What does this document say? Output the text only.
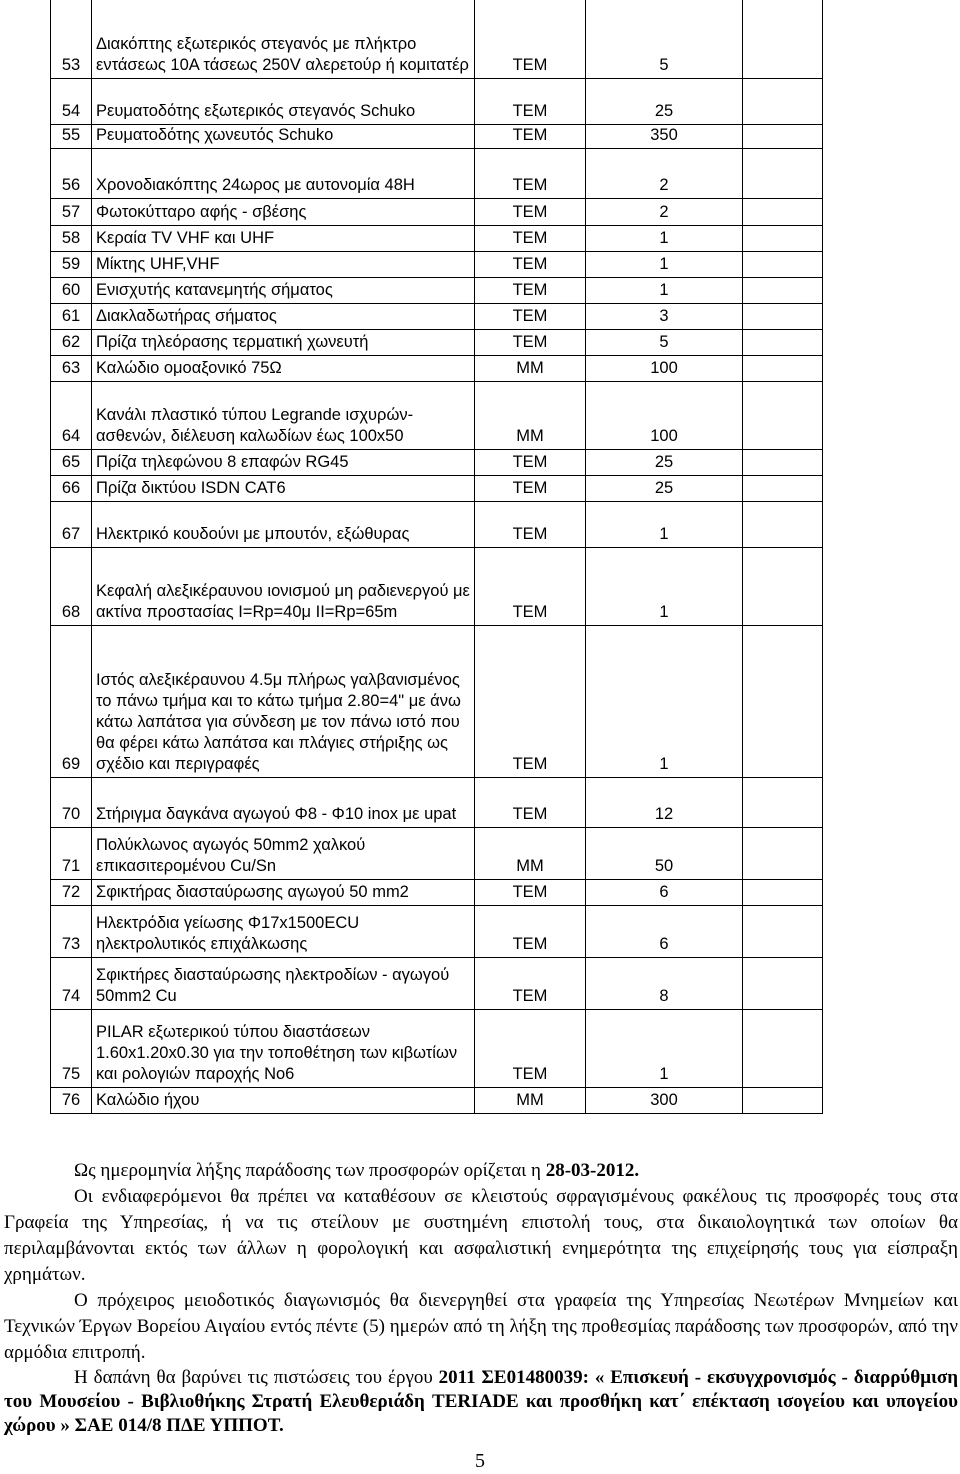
53	Διακόπτης εξωτερικός στεγανός με πλήκτρο εντάσεως 10Α τάσεως 250V αλερετούρ ή κομιτατέρ	ΤΕΜ	5	
54	Ρευματοδότης εξωτερικός στεγανός Schuko	ΤΕΜ	25	
55	Ρευματοδότης χωνευτός Schuko	ΤΕΜ	350	
56	Χρονοδιακόπτης 24ωρος με αυτονομία 48Η	ΤΕΜ	2	
57	Φωτοκύτταρο αφής - σβέσης	ΤΕΜ	2	
58	Κεραία TV VHF και UHF	ΤΕΜ	1	
59	Μίκτης UHF,VHF	ΤΕΜ	1	
60	Ενισχυτής κατανεμητής σήματος	ΤΕΜ	1	
61	Διακλαδωτήρας σήματος	ΤΕΜ	3	
62	Πρίζα τηλεόρασης τερματική χωνευτή	ΤΕΜ	5	
63	Καλώδιο ομοαξονικό 75Ω	ΜΜ	100	
64	Κανάλι πλαστικό τύπου Legrande ισχυρών-ασθενών, διέλευση καλωδίων έως 100x50	ΜΜ	100	
65	Πρίζα τηλεφώνου 8 επαφών RG45	ΤΕΜ	25	
66	Πρίζα δικτύου ISDN CAT6	ΤΕΜ	25	
67	Ηλεκτρικό κουδούνι με μπουτόν, εξώθυρας	ΤΕΜ	1	
68	Κεφαλή αλεξικέραυνου ιονισμού μη ραδιενεργού με ακτίνα προστασίας I=Rp=40μ II=Rp=65m	ΤΕΜ	1	
69	Ιστός αλεξικέραυνου 4.5μ πλήρως γαλβανισμένος το πάνω τμήμα και το κάτω τμήμα 2.80=4" με άνω κάτω λαπάτσα για σύνδεση με τον πάνω ιστό που θα φέρει κάτω λαπάτσα και πλάγιες στήριξης ως σχέδιο και περιγραφές	ΤΕΜ	1	
70	Στήριγμα δαγκάνα αγωγού Φ8 - Φ10 inox με upat	ΤΕΜ	12	
71	Πολύκλωνος αγωγός 50mm2 χαλκού επικασιτερομένου Cu/Sn	ΜΜ	50	
72	Σφικτήρας διασταύρωσης αγωγού 50 mm2	ΤΕΜ	6	
73	Ηλεκτρόδια γείωσης Φ17x1500ECU ηλεκτρολυτικός επιχάλκωσης	ΤΕΜ	6	
74	Σφικτήρες διασταύρωσης ηλεκτροδίων - αγωγού 50mm2 Cu	ΤΕΜ	8	
75	PILAR εξωτερικού τύπου διαστάσεων 1.60x1.20x0.30 για την τοποθέτηση των κιβωτίων και ρολογιών παροχής Νο6	ΤΕΜ	1	
76	Καλώδιο ήχου	ΜΜ	300	

Ως ημερομηνία λήξης παράδοσης των προσφορών ορίζεται η 28-03-2012.

Οι ενδιαφερόμενοι θα πρέπει να καταθέσουν σε κλειστούς σφραγισμένους φακέλους τις προσφορές τους στα Γραφεία της Υπηρεσίας, ή να τις στείλουν με συστημένη επιστολή τους, στα δικαιολογητικά των οποίων θα περιλαμβάνονται εκτός των άλλων η φορολογική και ασφαλιστική ενημερότητα της επιχείρησής τους για είσπραξη χρημάτων.

Ο πρόχειρος μειοδοτικός διαγωνισμός θα διενεργηθεί στα γραφεία της Υπηρεσίας Νεωτέρων Μνημείων και Τεχνικών Έργων Βορείου Αιγαίου εντός πέντε (5) ημερών από τη λήξη της προθεσμίας παράδοσης των προσφορών, από την αρμόδια επιτροπή.

Η δαπάνη θα βαρύνει τις πιστώσεις του έργου 2011 ΣΕ01480039: « Επισκευή - εκσυγχρονισμός - διαρρύθμιση του Μουσείου - Βιβλιοθήκης Στρατή Ελευθεριάδη TERIADE και προσθήκη κατ΄ επέκταση ισογείου και υπογείου χώρου » ΣΑΕ 014/8 ΠΔΕ ΥΠΠΟΤ.

5
